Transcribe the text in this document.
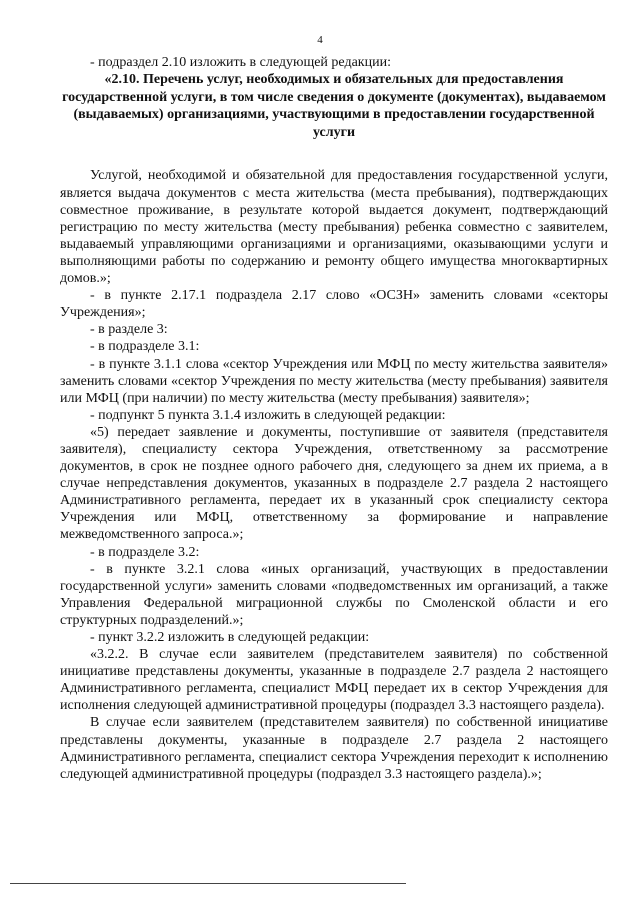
4

- подраздел 2.10 изложить в следующей редакции:

«2.10. Перечень услуг, необходимых и обязательных для предоставления государственной услуги, в том числе сведения о документе (документах), выдаваемом (выдаваемых) организациями, участвующими в предоставлении государственной услуги

Услугой, необходимой и обязательной для предоставления государственной услуги, является выдача документов с места жительства (места пребывания), подтверждающих совместное проживание, в результате которой выдается документ, подтверждающий регистрацию по месту жительства (месту пребывания) ребенка совместно с заявителем, выдаваемый управляющими организациями и организациями, оказывающими услуги и выполняющими работы по содержанию и ремонту общего имущества многоквартирных домов.»;

- в пункте 2.17.1 подраздела 2.17 слово «ОСЗН» заменить словами «секторы Учреждения»;

- в разделе 3:

- в подразделе 3.1:

- в пункте 3.1.1 слова «сектор Учреждения или МФЦ по месту жительства заявителя» заменить словами «сектор Учреждения по месту жительства (месту пребывания) заявителя или МФЦ (при наличии) по месту жительства (месту пребывания) заявителя»;

- подпункт 5 пункта 3.1.4 изложить в следующей редакции:

«5) передает заявление и документы, поступившие от заявителя (представителя заявителя), специалисту сектора Учреждения, ответственному за рассмотрение документов, в срок не позднее одного рабочего дня, следующего за днем их приема, а в случае непредставления документов, указанных в подразделе 2.7 раздела 2 настоящего Административного регламента, передает их в указанный срок специалисту сектора Учреждения или МФЦ, ответственному за формирование и направление межведомственного запроса.»;

- в подразделе 3.2:

- в пункте 3.2.1 слова «иных организаций, участвующих в предоставлении государственной услуги» заменить словами «подведомственных им организаций, а также Управления Федеральной миграционной службы по Смоленской области и его структурных подразделений.»;

- пункт 3.2.2 изложить в следующей редакции:

«3.2.2. В случае если заявителем (представителем заявителя) по собственной инициативе представлены документы, указанные в подразделе 2.7 раздела 2 настоящего Административного регламента, специалист МФЦ передает их в сектор Учреждения для исполнения следующей административной процедуры (подраздел 3.3 настоящего раздела).

В случае если заявителем (представителем заявителя) по собственной инициативе представлены документы, указанные в подразделе 2.7 раздела 2 настоящего Административного регламента, специалист сектора Учреждения переходит к исполнению следующей административной процедуры (подраздел 3.3 настоящего раздела).»;
